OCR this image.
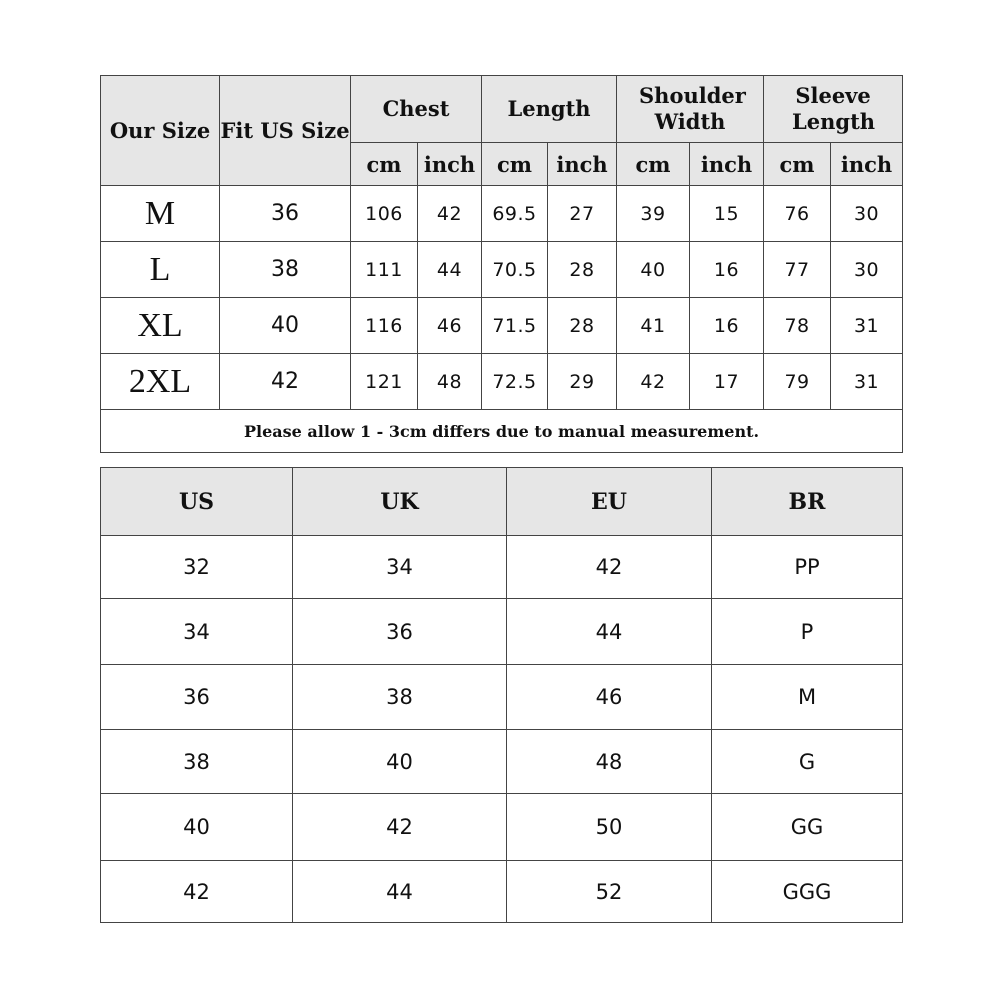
Our Size	Fit US Size	Chest		Length		Shoulder Width		Sleeve Length	
		cm	inch	cm	inch	cm	inch	cm	inch
M	36	106	42	69.5	27	39	15	76	30
L	38	111	44	70.5	28	40	16	77	30
XL	40	116	46	71.5	28	41	16	78	31
2XL	42	121	48	72.5	29	42	17	79	31
Please allow 1 - 3cm differs due to manual measurement.									
US	UK	EU	BR
32	34	42	PP
34	36	44	P
36	38	46	M
38	40	48	G
40	42	50	GG
42	44	52	GGG
